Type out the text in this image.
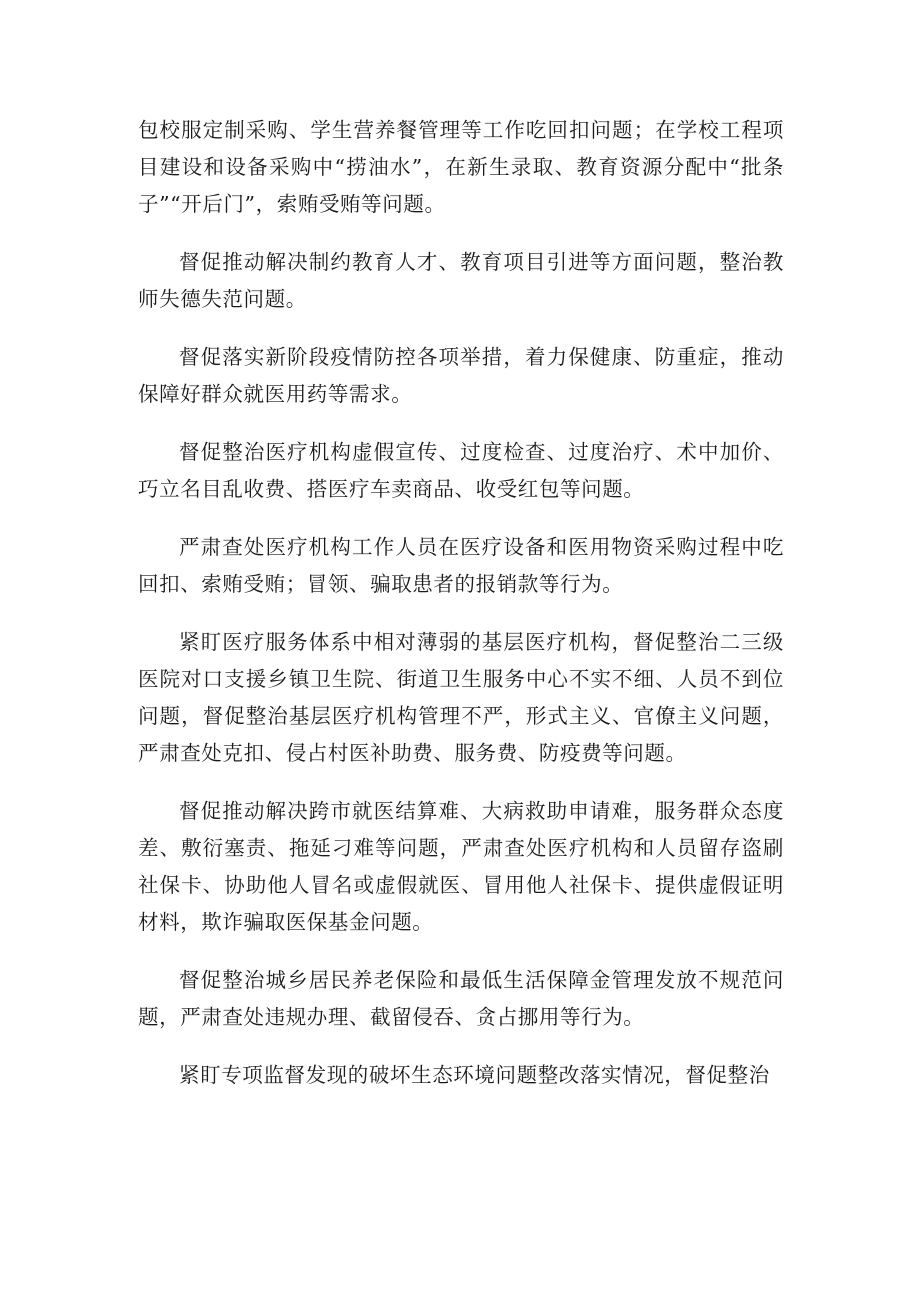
包校服定制采购、学生营养餐管理等工作吃回扣问题；在学校工程项目建设和设备采购中“捞油水”，在新生录取、教育资源分配中“批条子”“开后门”，索贿受贿等问题。

督促推动解决制约教育人才、教育项目引进等方面问题，整治教师失德失范问题。

督促落实新阶段疫情防控各项举措，着力保健康、防重症，推动保障好群众就医用药等需求。

督促整治医疗机构虚假宣传、过度检查、过度治疗、术中加价、巧立名目乱收费、搭医疗车卖商品、收受红包等问题。

严肃查处医疗机构工作人员在医疗设备和医用物资采购过程中吃回扣、索贿受贿；冒领、骗取患者的报销款等行为。

紧盯医疗服务体系中相对薄弱的基层医疗机构，督促整治二三级医院对口支援乡镇卫生院、街道卫生服务中心不实不细、人员不到位问题，督促整治基层医疗机构管理不严，形式主义、官僚主义问题，严肃查处克扣、侵占村医补助费、服务费、防疫费等问题。

督促推动解决跨市就医结算难、大病救助申请难，服务群众态度差、敷衍塞责、拖延刁难等问题，严肃查处医疗机构和人员留存盗刷社保卡、协助他人冒名或虚假就医、冒用他人社保卡、提供虚假证明材料，欺诈骗取医保基金问题。

督促整治城乡居民养老保险和最低生活保障金管理发放不规范问题，严肃查处违规办理、截留侵吞、贪占挪用等行为。

紧盯专项监督发现的破坏生态环境问题整改落实情况，督促整治
